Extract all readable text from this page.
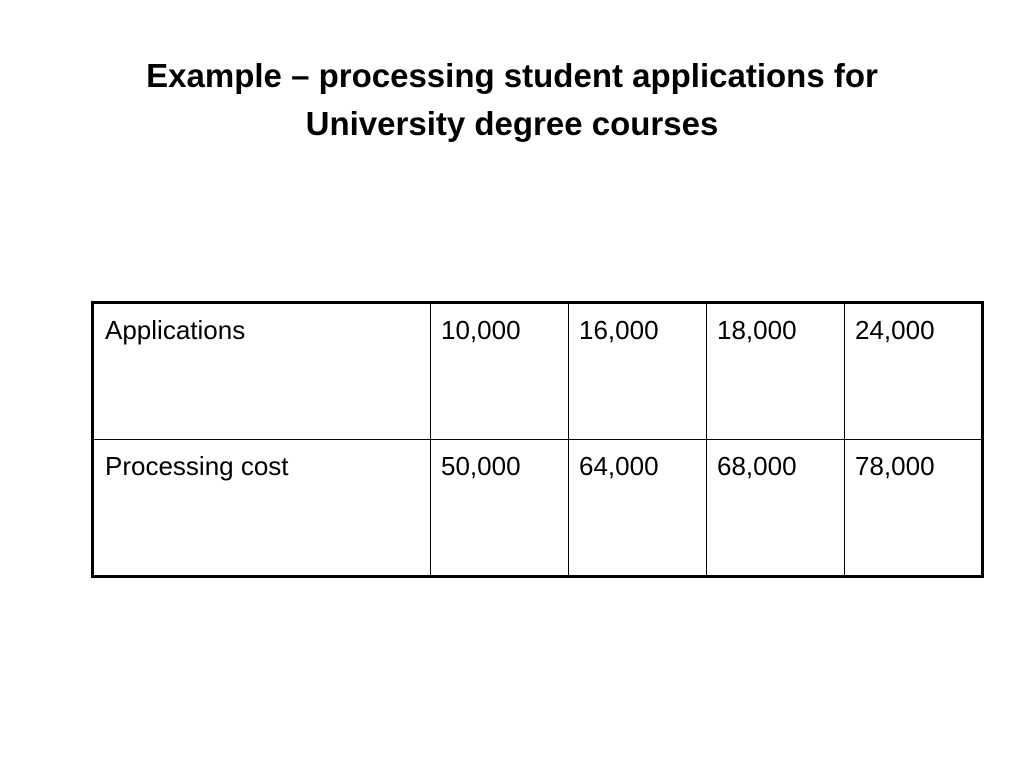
Example – processing student applications for
University degree courses
Applications	10,000	16,000	18,000	24,000
Processing cost	50,000	64,000	68,000	78,000
